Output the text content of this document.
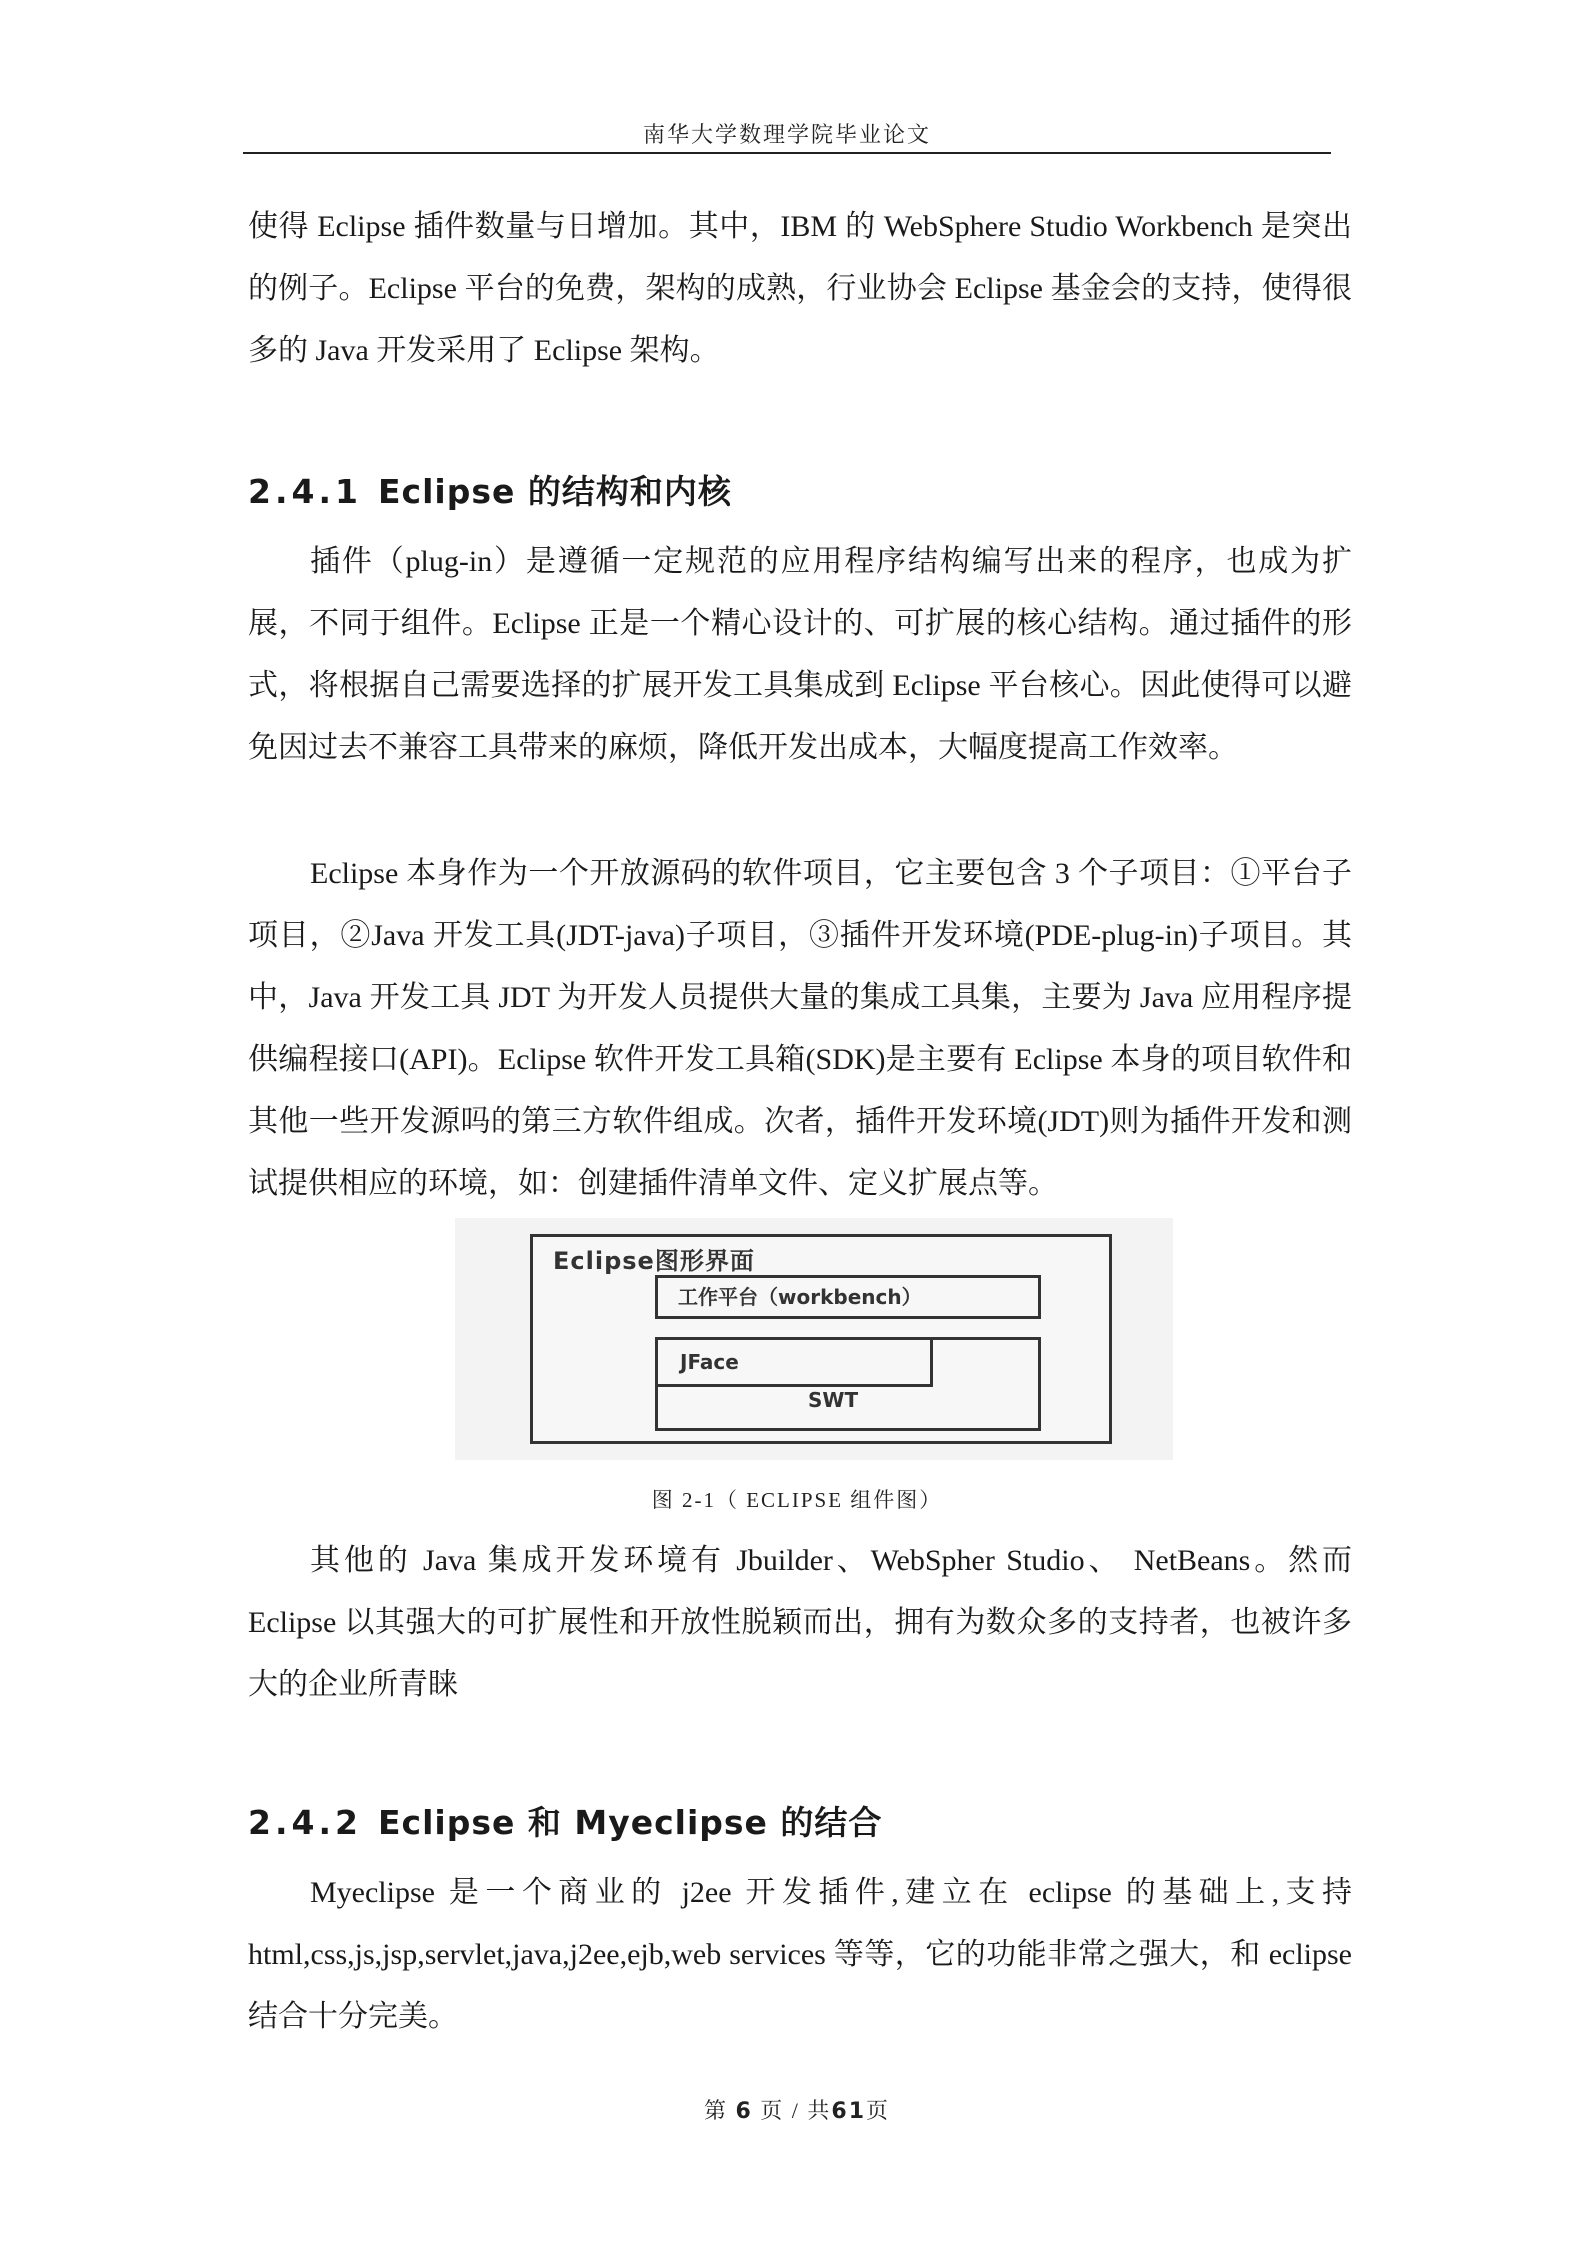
南华大学数理学院毕业论文

使得 Eclipse 插件数量与日增加。其中，IBM 的 WebSphere Studio Workbench 是突出的例子。Eclipse 平台的免费，架构的成熟，行业协会 Eclipse 基金会的支持，使得很多的 Java 开发采用了 Eclipse 架构。

2.4.1 Eclipse 的结构和内核

插件（plug-in）是遵循一定规范的应用程序结构编写出来的程序，也成为扩展，不同于组件。Eclipse 正是一个精心设计的、可扩展的核心结构。通过插件的形式，将根据自己需要选择的扩展开发工具集成到 Eclipse 平台核心。因此使得可以避免因过去不兼容工具带来的麻烦，降低开发出成本，大幅度提高工作效率。

Eclipse 本身作为一个开放源码的软件项目，它主要包含 3 个子项目：①平台子项目，②Java 开发工具(JDT-java)子项目，③插件开发环境(PDE-plug-in)子项目。其中，Java 开发工具 JDT 为开发人员提供大量的集成工具集，主要为 Java 应用程序提供编程接口(API)。Eclipse 软件开发工具箱(SDK)是主要有 Eclipse 本身的项目软件和其他一些开发源吗的第三方软件组成。次者，插件开发环境(JDT)则为插件开发和测试提供相应的环境，如：创建插件清单文件、定义扩展点等。

Eclipse图形界面
工作平台（workbench）
JFace
SWT
图 2-1（ ECLIPSE 组件图）

其他的 Java 集成开发环境有 Jbuilder、WebSpher Studio、 NetBeans。然而 Eclipse 以其强大的可扩展性和开放性脱颖而出，拥有为数众多的支持者，也被许多大的企业所青睐

2.4.2 Eclipse 和 Myeclipse 的结合

Myeclipse 是一个商业的 j2ee 开发插件,建立在 eclipse 的基础上,支持 html,css,js,jsp,servlet,java,j2ee,ejb,web services 等等，它的功能非常之强大，和 eclipse 结合十分完美。

第 6 页 / 共61页
